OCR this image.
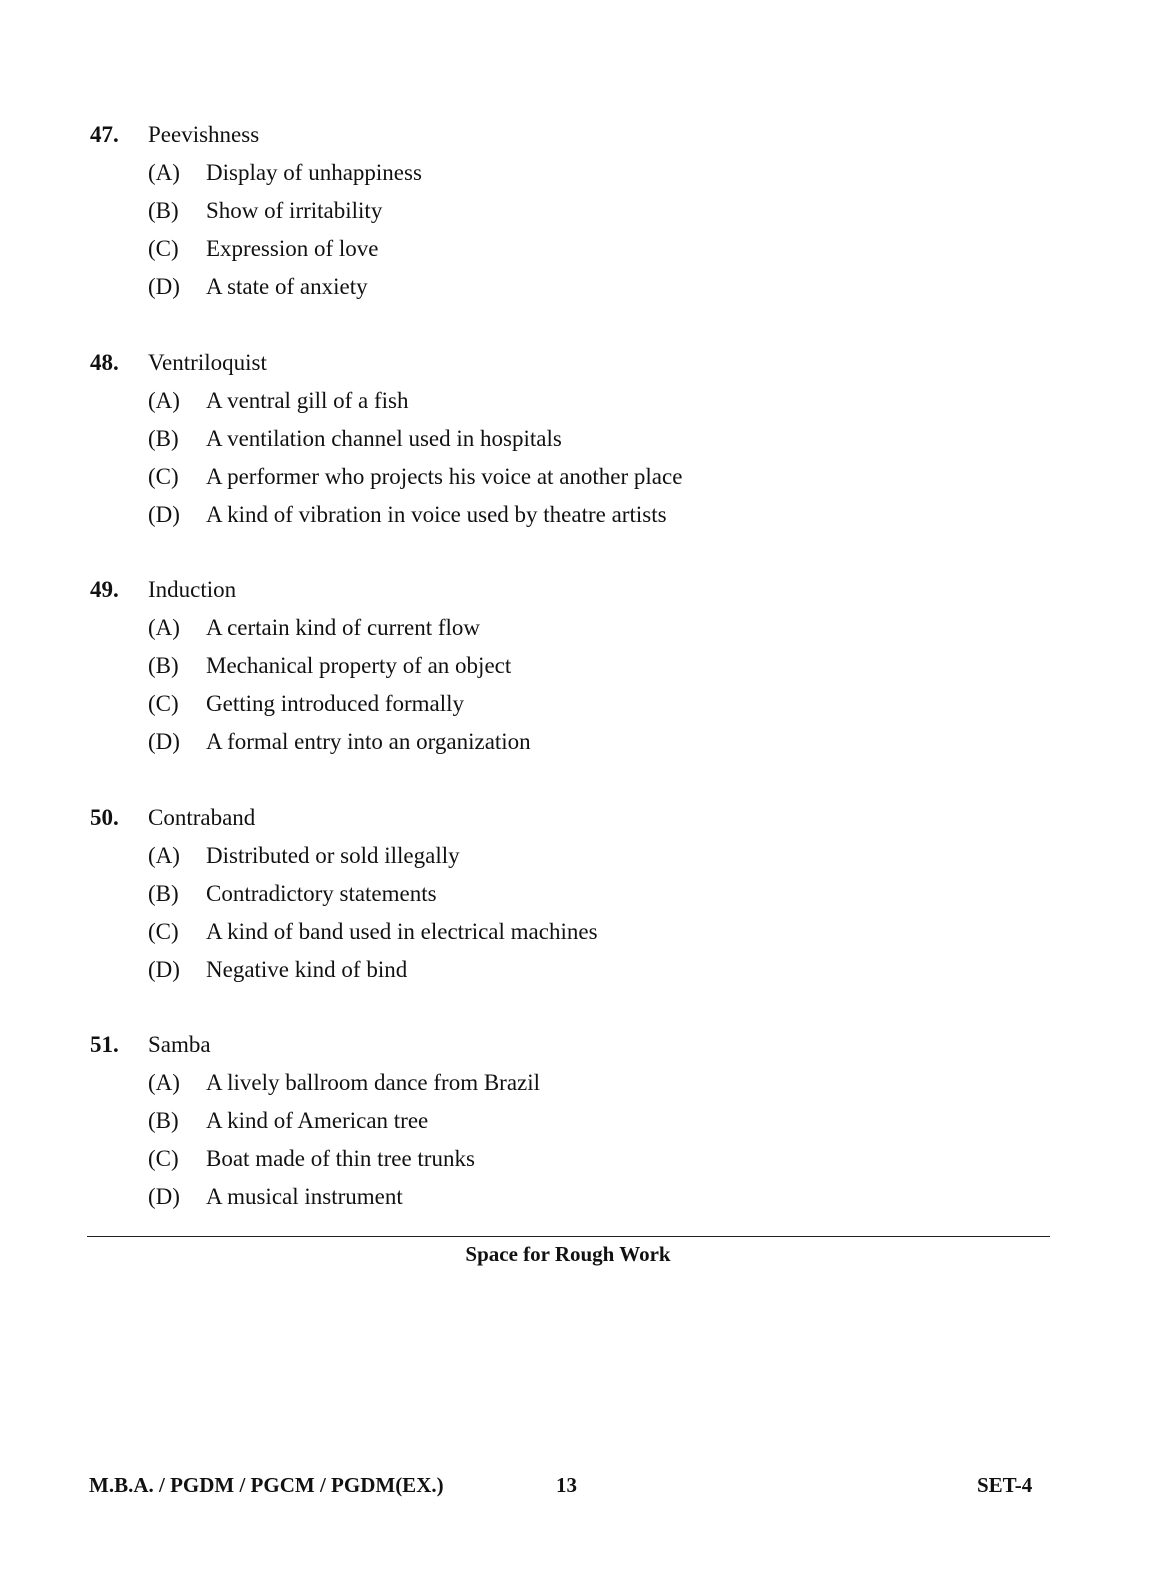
47. Peevishness
(A) Display of unhappiness
(B) Show of irritability
(C) Expression of love
(D) A state of anxiety
48. Ventriloquist
(A) A ventral gill of a fish
(B) A ventilation channel used in hospitals
(C) A performer who projects his voice at another place
(D) A kind of vibration in voice used by theatre artists
49. Induction
(A) A certain kind of current flow
(B) Mechanical property of an object
(C) Getting introduced formally
(D) A formal entry into an organization
50. Contraband
(A) Distributed or sold illegally
(B) Contradictory statements
(C) A kind of band used in electrical machines
(D) Negative kind of bind
51. Samba
(A) A lively ballroom dance from Brazil
(B) A kind of American tree
(C) Boat made of thin tree trunks
(D) A musical instrument
Space for Rough Work
M.B.A. / PGDM / PGCM / PGDM(EX.)	13	SET-4
